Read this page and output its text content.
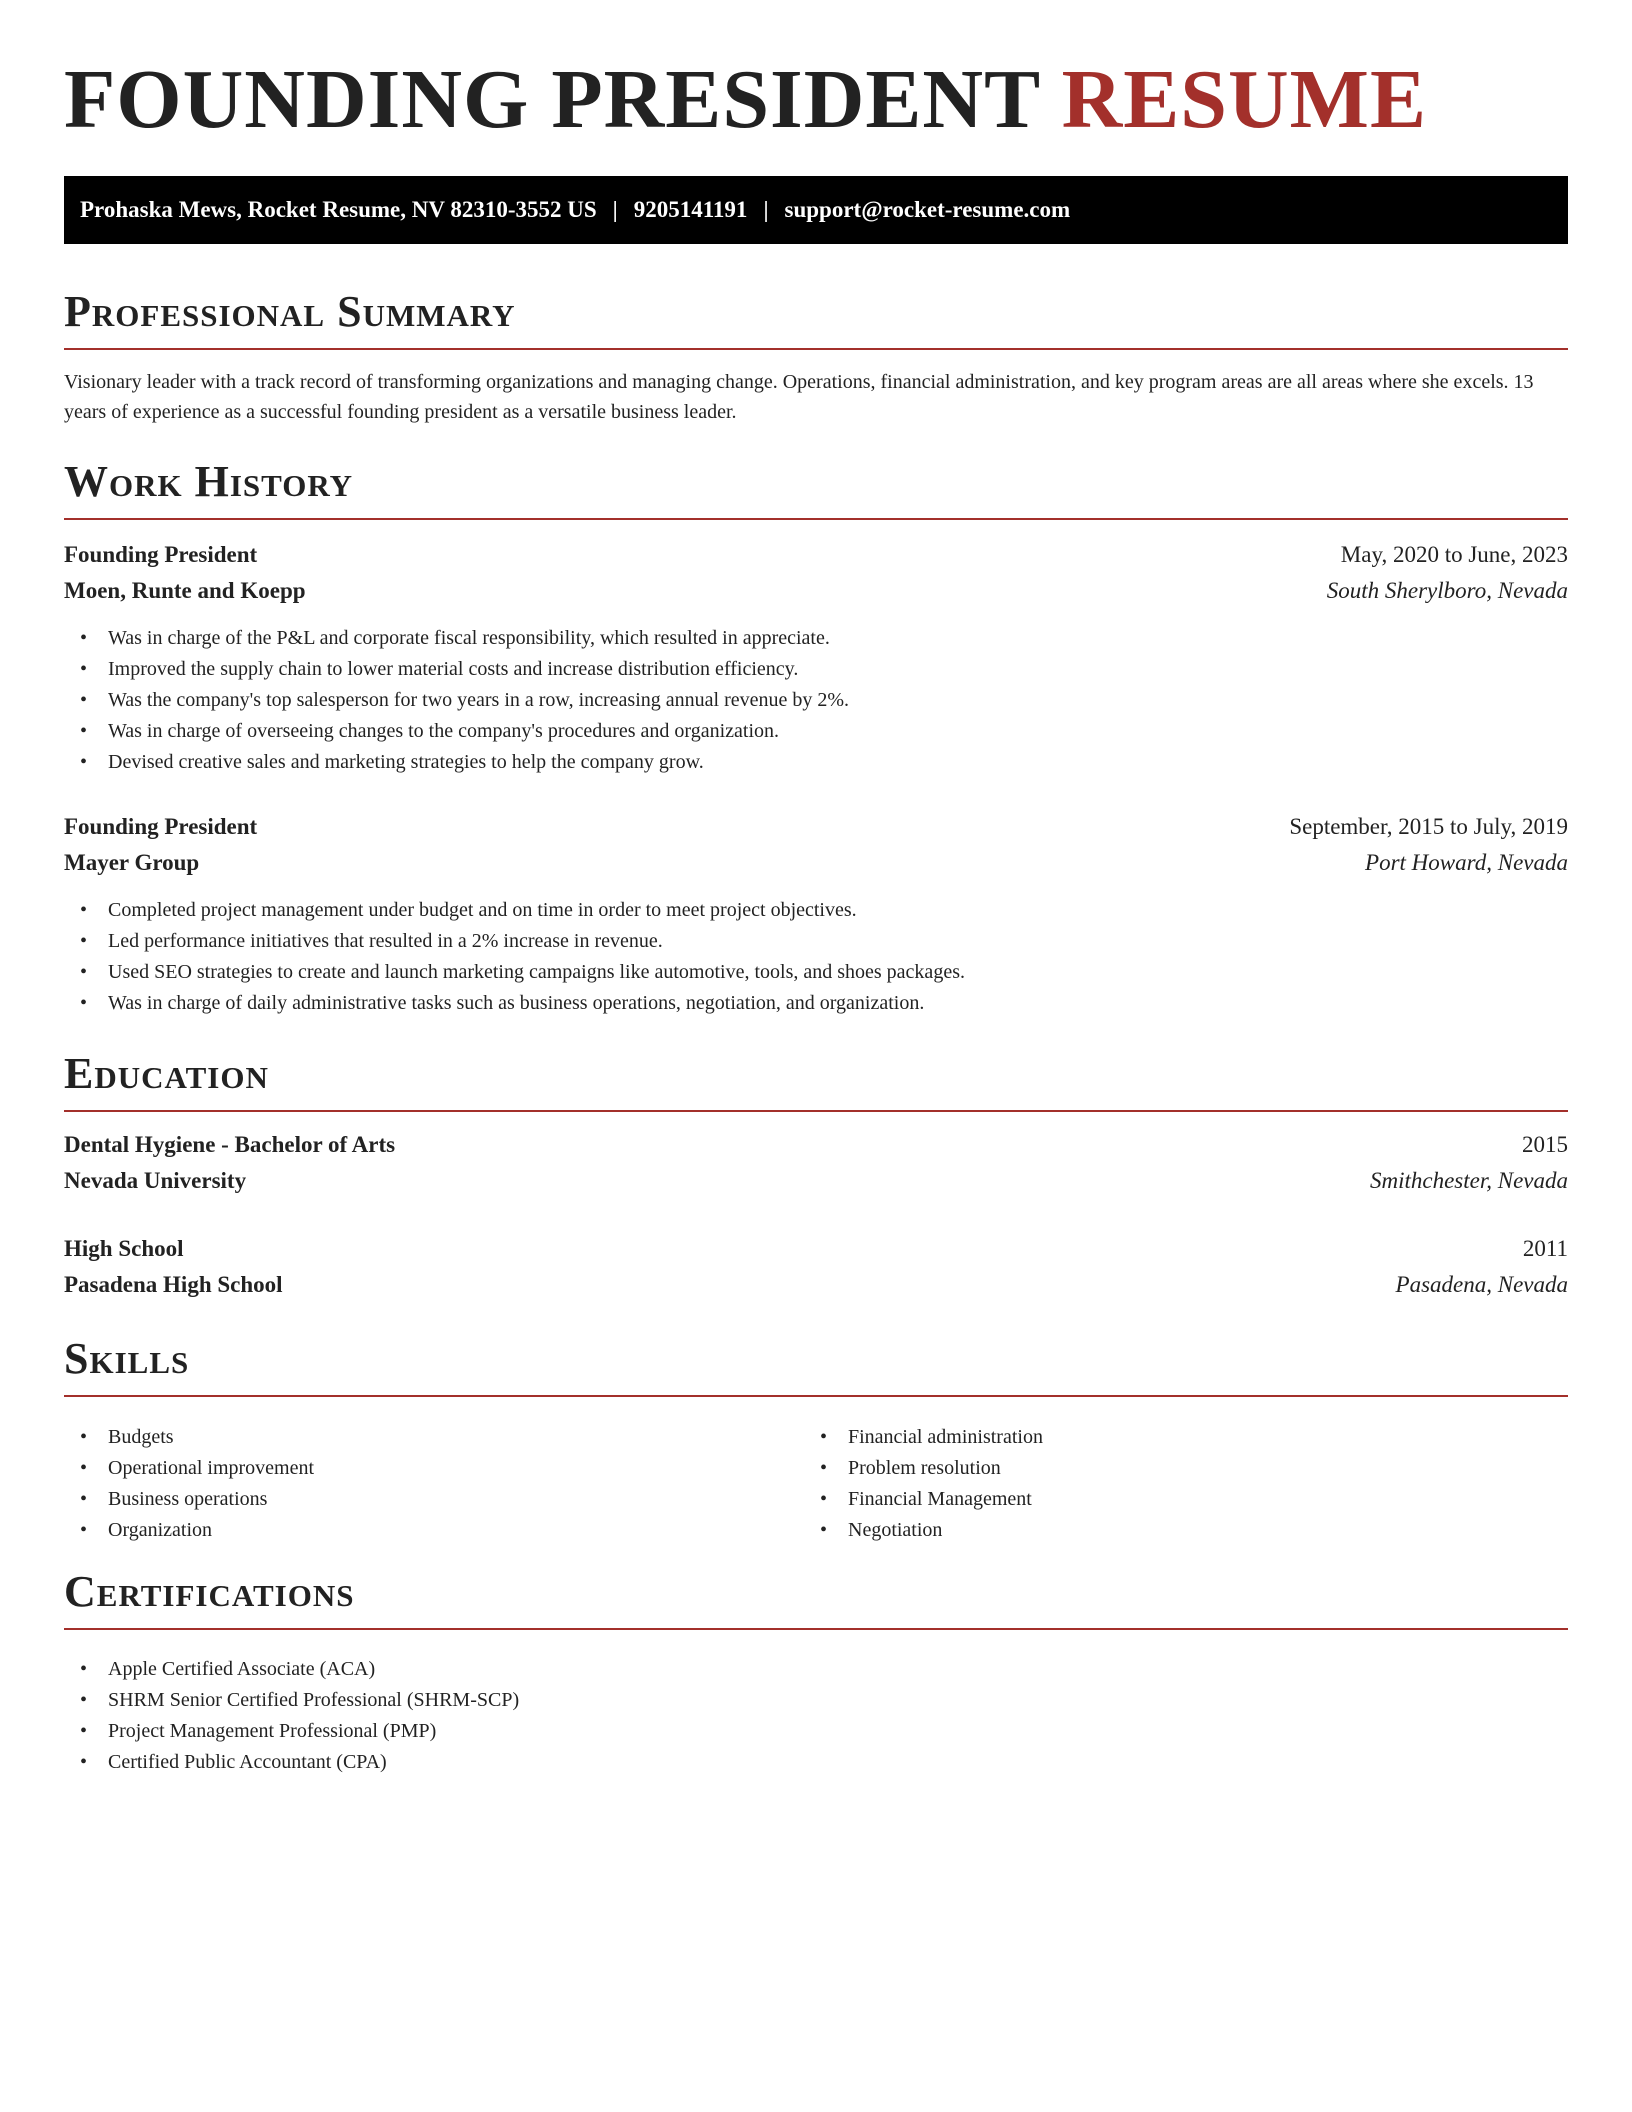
FOUNDING PRESIDENT RESUME
Prohaska Mews, Rocket Resume, NV 82310-3552 US | 9205141191 | support@rocket-resume.com
Professional Summary
Visionary leader with a track record of transforming organizations and managing change. Operations, financial administration, and key program areas are all areas where she excels. 13 years of experience as a successful founding president as a versatile business leader.
Work History
Founding President	May, 2020 to June, 2023
Moen, Runte and Koepp	South Sherylboro, Nevada
• Was in charge of the P&L and corporate fiscal responsibility, which resulted in appreciate.
• Improved the supply chain to lower material costs and increase distribution efficiency.
• Was the company's top salesperson for two years in a row, increasing annual revenue by 2%.
• Was in charge of overseeing changes to the company's procedures and organization.
• Devised creative sales and marketing strategies to help the company grow.
Founding President	September, 2015 to July, 2019
Mayer Group	Port Howard, Nevada
• Completed project management under budget and on time in order to meet project objectives.
• Led performance initiatives that resulted in a 2% increase in revenue.
• Used SEO strategies to create and launch marketing campaigns like automotive, tools, and shoes packages.
• Was in charge of daily administrative tasks such as business operations, negotiation, and organization.
Education
Dental Hygiene - Bachelor of Arts	2015
Nevada University	Smithchester, Nevada
High School	2011
Pasadena High School	Pasadena, Nevada
Skills
• Budgets
• Operational improvement
• Business operations
• Organization
• Financial administration
• Problem resolution
• Financial Management
• Negotiation
Certifications
• Apple Certified Associate (ACA)
• SHRM Senior Certified Professional (SHRM-SCP)
• Project Management Professional (PMP)
• Certified Public Accountant (CPA)
